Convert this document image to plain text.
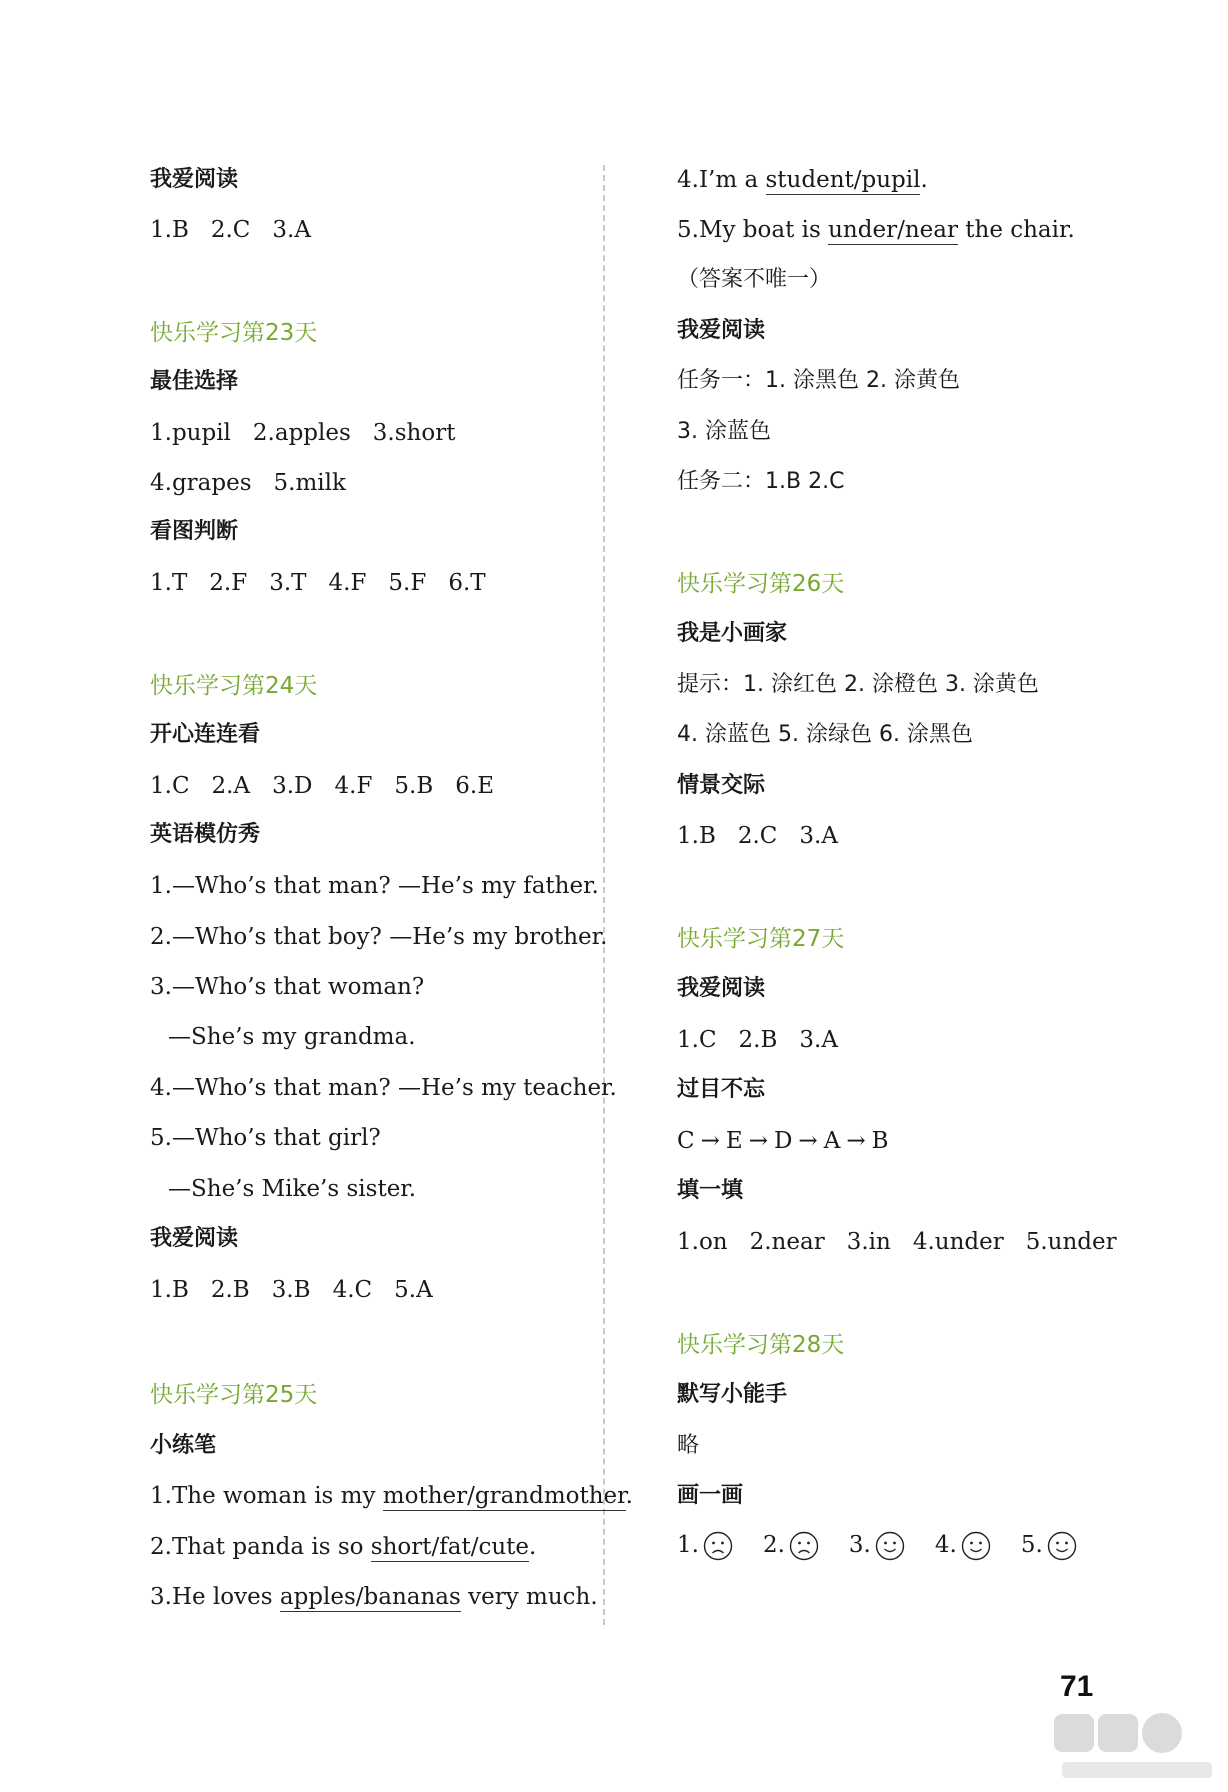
我爱阅读
1.B 2.C 3.A
快乐学习第23天
最佳选择
1.pupil 2.apples 3.short
4.grapes 5.milk
看图判断
1.T 2.F 3.T 4.F 5.F 6.T
快乐学习第24天
开心连连看
1.C 2.A 3.D 4.F 5.B 6.E
英语模仿秀
1.—Who’s that man? —He’s my father.
2.—Who’s that boy? —He’s my brother.
3.—Who’s that woman?
—She’s my grandma.
4.—Who’s that man? —He’s my teacher.
5.—Who’s that girl?
—She’s Mike’s sister.
我爱阅读
1.B 2.B 3.B 4.C 5.A
快乐学习第25天
小练笔
1.The woman is my mother/grandmother.
2.That panda is so short/fat/cute.
3.He loves apples/bananas very much.
4.I’m a student/pupil.
5.My boat is under/near the chair.
（答案不唯一）
我爱阅读
任务一：1. 涂黑色 2. 涂黄色
3. 涂蓝色
任务二：1.B 2.C
快乐学习第26天
我是小画家
提示：1. 涂红色 2. 涂橙色 3. 涂黄色
4. 涂蓝色 5. 涂绿色 6. 涂黑色
情景交际
1.B 2.C 3.A
快乐学习第27天
我爱阅读
1.C 2.B 3.A
过目不忘
C → E → D → A → B
填一填
1.on 2.near 3.in 4.under 5.under
快乐学习第28天
默写小能手
略
画一画
1.	2.	3.	4.	5.
71
